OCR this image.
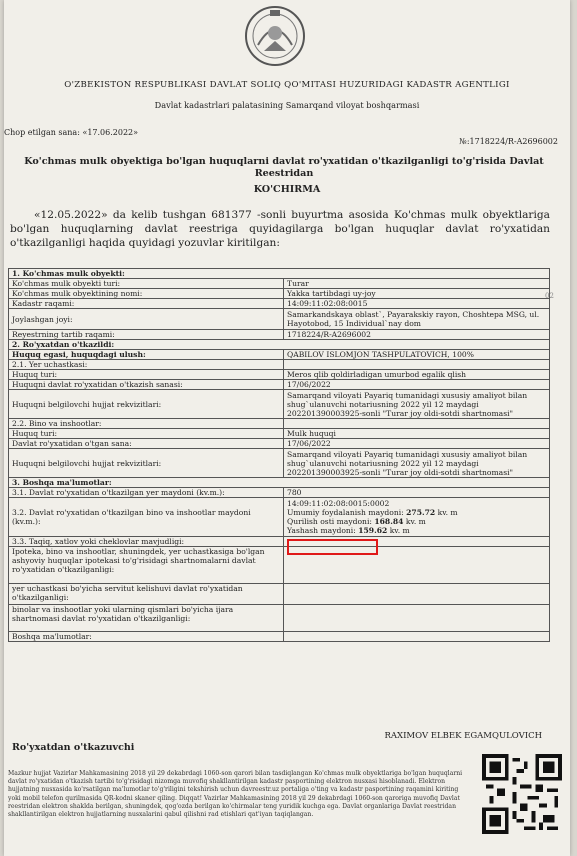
O'ZBEKISTON RESPUBLIKASI DAVLAT SOLIQ QO'MITASI HUZURIDAGI KADASTR AGENTLIGI
Davlat kadastrlari palatasining Samarqand viloyat boshqarmasi
Chop etilgan sana: «17.06.2022»
№:1718224/R-A2696002
Ko'chmas mulk obyektiga bo'lgan huquqlarni davlat ro'yxatidan o'tkazilganligi to'g'risida Davlat Reestridan
KO'CHIRMA
«12.05.2022» da kelib tushgan 681377 -sonli buyurtma asosida Ko'chmas mulk obyektlariga bo'lgan huquqlarning davlat reestriga quyidagilarga bo'lgan huquqlar davlat ro'yxatidan o'tkazilganligi haqida quyidagi yozuvlar kiritilgan:
1. Ko'chmas mulk obyekti:	
Ko'chmas mulk obyekti turi:	Turar
Ko'chmas mulk obyektining nomi:	Yakka tartibdagi uy-joy
Kadastr raqami:	14:09:11:02:08:0015
Joylashgan joyi:	Samarkandskaya oblast`, Payarakskiy rayon, Choshtepa MSG, ul. Hayotobod, 15 Individual`nay dom
Reyestrning tartib raqami:	1718224/R-A2696002
2. Ro'yxatdan o'tkazildi:	
Huquq egasi, huquqdagi ulush:	QABILOV ISLOMJON TASHPULATOVICH, 100%
2.1. Yer uchastkasi:	
Huquq turi:	Meros qlib qoldirladigan umurbod egalik qlish
Huquqni davlat ro'yxatidan o'tkazish sanasi:	17/06/2022
Huquqni belgilovchi hujjat rekvizitlari:	Samarqand viloyati Payariq tumanidagi xususiy amaliyot bilan shug`ulanuvchi notariusning 2022 yil 12 maydagi 202201390003925-sonli "Turar joy oldi-sotdi shartnomasi"
2.2. Bino va inshootlar:	
Huquq turi:	Mulk huquqi
Davlat ro'yxatidan o'tgan sana:	17/06/2022
Huquqni belgilovchi hujjat rekvizitlari:	Samarqand viloyati Payariq tumanidagi xususiy amaliyot bilan shug`ulanuvchi notariusning 2022 yil 12 maydagi 202201390003925-sonli "Turar joy oldi-sotdi shartnomasi"
3. Boshqa ma'lumotlar:	
3.1. Davlat ro'yxatidan o'tkazilgan yer maydoni (kv.m.):	780
3.2. Davlat ro'yxatidan o'tkazilgan bino va inshootlar maydoni (kv.m.):	14:09:11:02:08:0015:0002
Umumiy foydalanish maydoni: 275.72 kv. m
Qurilish osti maydoni: 168.84 kv. m
Yashash maydoni: 159.62 kv. m

3.3. Taqiq, xatlov yoki cheklovlar mavjudligi:	
Ipoteka, bino va inshootlar, shuningdek, yer uchastkasiga bo'lgan ashyoviy huquqlar ipotekasi to'g'risidagi shartnomalarni davlat ro'yxatidan o'tkazilganligi:	
yer uchastkasi bo'yicha servitut kelishuvi davlat ro'yxatidan o'tkazilganligi:	
binolar va inshootlar yoki ularning qismlari bo'yicha ijara shartnomasi davlat ro'yxatidan o'tkazilganligi:	
Boshqa ma'lumotlar:	
02
RAXIMOV ELBEK EGAMQULOVICH
Ro'yxatdan o'tkazuvchi
Mazkur hujjat Vazirlar Mahkamasining 2018 yil 29 dekabrdagi 1060-son qarori bilan tasdiqlangan Ko'chmas mulk obyektlariga bo'lgan huquqlarni davlat ro'yxatidan o'tkazish tartibi to'g'risidagi nizomga muvofiq shakllantirilgan kadastr pasportining elektron nusxasi hisoblanadi. Elektron hujjatning nusxasida ko'rsatilgan ma'lumotlar to'g'riligini tekshirish uchun davreestr.uz portaliga o'ting va kadastr pasportining raqamini kiriting yoki mobil telefon qurilmasida QR-kodni skaner qiling. Diqqat! Vazirlar Mahkamasining 2018 yil 29 dekabrdagi 1060-son qaroriga muvofiq Davlat reestridan elektron shaklda berilgan, shuningdek, qog'ozda berilgan ko'chirmalar teng yuridik kuchga ega. Davlat organlariga Davlat reestridan shakllantirilgan elektron hujjatlarning nusxalarini qabul qilishni rad etishlari qat'iyan taqiqlangan.
